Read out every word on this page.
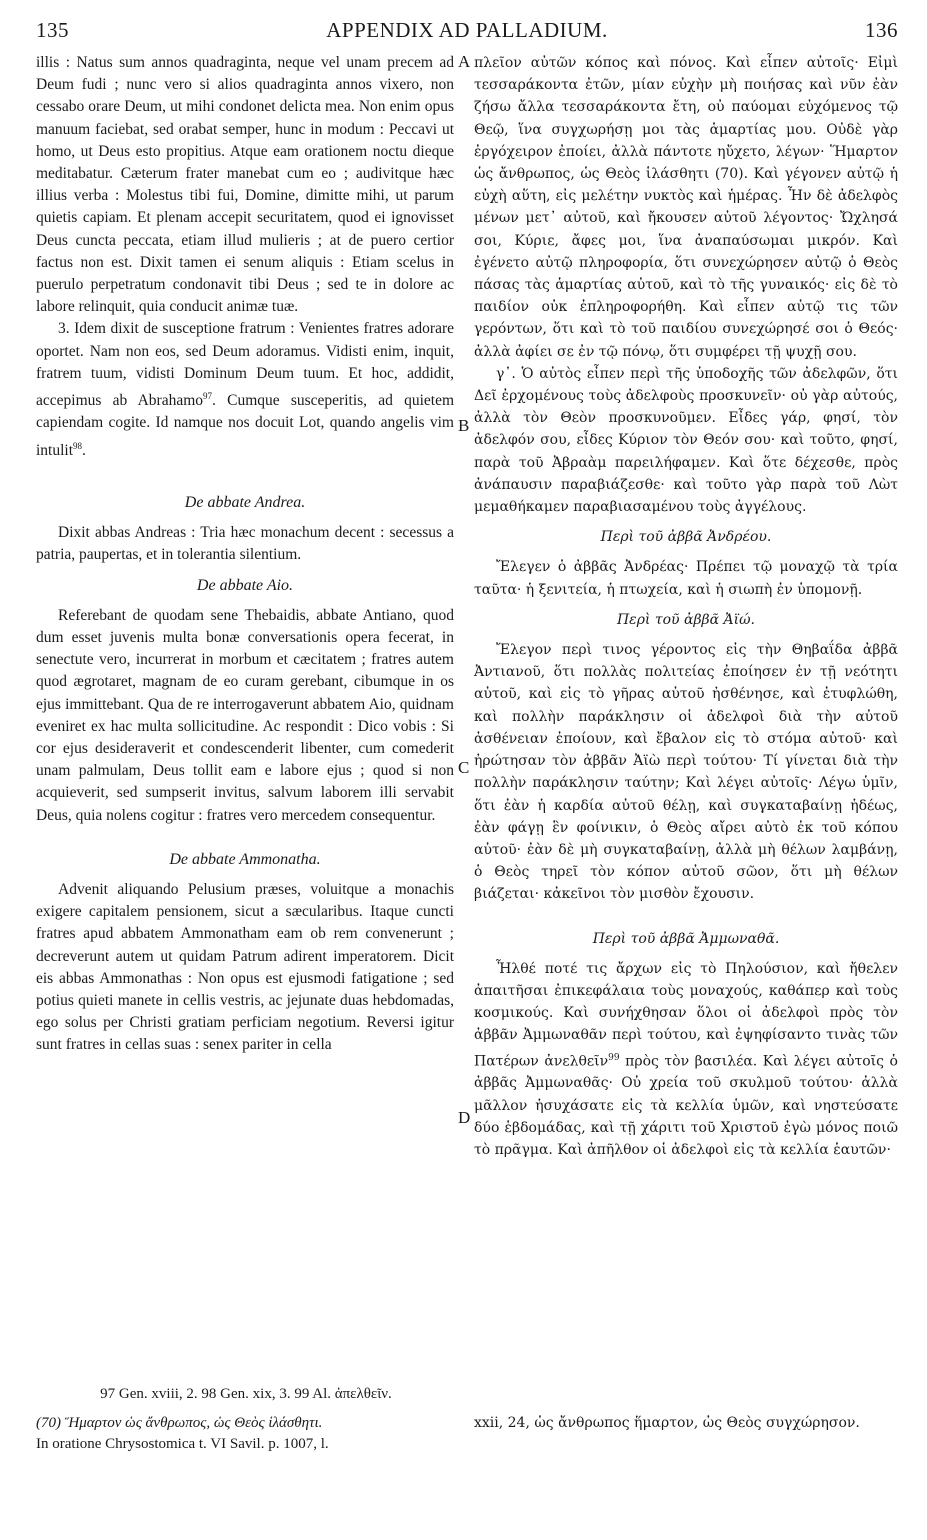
135	APPENDIX AD PALLADIUM.	136
A
B
C
D

illis : Natus sum annos quadraginta, neque vel unam precem ad Deum fudi ; nunc vero si alios quadraginta annos vixero, non cessabo orare Deum, ut mihi condonet delicta mea. Non enim opus manuum faciebat, sed orabat semper, hunc in modum : Peccavi ut homo, ut Deus esto propitius. Atque eam orationem noctu dieque meditabatur. Cæterum frater manebat cum eo ; audivitque hæc illius verba : Molestus tibi fui, Domine, dimitte mihi, ut parum quietis capiam. Et plenam accepit securitatem, quod ei ignovisset Deus cuncta peccata, etiam illud mulieris ; at de puero certior factus non est. Dixit tamen ei senum aliquis : Etiam scelus in puerulo perpetratum condonavit tibi Deus ; sed te in dolore ac labore relinquit, quia conducit animæ tuæ.

3. Idem dixit de susceptione fratrum : Venientes fratres adorare oportet. Nam non eos, sed Deum adoramus. Vidisti enim, inquit, fratrem tuum, vidisti Dominum Deum tuum. Et hoc, addidit, accepimus ab Abrahamo$^{97}$. Cumque susceperitis, ad quietem capiendam cogite. Id namque nos docuit Lot, quando angelis vim intulit$^{98}$.

De abbate Andrea.

Dixit abbas Andreas : Tria hæc monachum decent : secessus a patria, paupertas, et in tolerantia silentium.

De abbate Aio.

Referebant de quodam sene Thebaidis, abbate Antiano, quod dum esset juvenis multa bonæ conversationis opera fecerat, in senectute vero, incurrerat in morbum et cæcitatem ; fratres autem quod ægrotaret, magnam de eo curam gerebant, cibumque in os ejus immittebant. Qua de re interrogaverunt abbatem Aio, quidnam eveniret ex hac multa sollicitudine. Ac respondit : Dico vobis : Si cor ejus desideraverit et condescenderit libenter, cum comederit unam palmulam, Deus tollit eam e labore ejus ; quod si non acquieverit, sed sumpserit invitus, salvum laborem illi servabit Deus, quia nolens cogitur : fratres vero mercedem consequentur.

De abbate Ammonatha.

Advenit aliquando Pelusium præses, voluitque a monachis exigere capitalem pensionem, sicut a sæcularibus. Itaque cuncti fratres apud abbatem Ammonatham eam ob rem convenerunt ; decreverunt autem ut quidam Patrum adirent imperatorem. Dicit eis abbas Ammonathas : Non opus est ejusmodi fatigatione ; sed potius quieti manete in cellis vestris, ac jejunate duas hebdomadas, ego solus per Christi gratiam perficiam negotium. Reversi igitur sunt fratres in cellas suas : senex pariter in cella

πλεῖον αὐτῶν κόπος καὶ πόνος. Καὶ εἶπεν αὐτοῖς· Εἰμὶ τεσσαράκοντα ἐτῶν, μίαν εὐχὴν μὴ ποιήσας καὶ νῦν ἐὰν ζήσω ἄλλα τεσσαράκοντα ἔτη, οὐ παύομαι εὐχόμενος τῷ Θεῷ, ἵνα συγχωρήσῃ μοι τὰς ἁμαρτίας μου. Οὐδὲ γὰρ ἐργόχειρον ἐποίει, ἀλλὰ πάντοτε ηὔχετο, λέγων· Ἥμαρτον ὡς ἄνθρωπος, ὡς Θεὸς ἱλάσθητι (70). Καὶ γέγονεν αὐτῷ ἡ εὐχὴ αὕτη, εἰς μελέτην νυκτὸς καὶ ἡμέρας. Ἦν δὲ ἀδελφὸς μένων μετ᾽ αὐτοῦ, καὶ ἤκουσεν αὐτοῦ λέγοντος· Ὤχλησά σοι, Κύριε, ἄφες μοι, ἵνα ἀναπαύσωμαι μικρόν. Καὶ ἐγένετο αὐτῷ πληροφορία, ὅτι συνεχώρησεν αὐτῷ ὁ Θεὸς πάσας τὰς ἁμαρτίας αὐτοῦ, καὶ τὸ τῆς γυναικός· εἰς δὲ τὸ παιδίον οὐκ ἐπληροφορήθη. Καὶ εἶπεν αὐτῷ τις τῶν γερόντων, ὅτι καὶ τὸ τοῦ παιδίου συνεχώρησέ σοι ὁ Θεός· ἀλλὰ ἀφίει σε ἐν τῷ πόνῳ, ὅτι συμφέρει τῇ ψυχῇ σου.

γ᾽. Ὁ αὐτὸς εἶπεν περὶ τῆς ὑποδοχῆς τῶν ἀδελφῶν, ὅτι Δεῖ ἐρχομένους τοὺς ἀδελφοὺς προσκυνεῖν· οὐ γὰρ αὐτούς, ἀλλὰ τὸν Θεὸν προσκυνοῦμεν. Εἶδες γάρ, φησί, τὸν ἀδελφόν σου, εἶδες Κύριον τὸν Θεόν σου· καὶ τοῦτο, φησί, παρὰ τοῦ Ἀβραὰμ παρειλήφαμεν. Καὶ ὅτε δέχεσθε, πρὸς ἀνάπαυσιν παραβιάζεσθε· καὶ τοῦτο γὰρ παρὰ τοῦ Λὼτ μεμαθήκαμεν παραβιασαμένου τοὺς ἀγγέλους.

Περὶ τοῦ ἀββᾶ Ἀνδρέου.

Ἔλεγεν ὁ ἀββᾶς Ἀνδρέας· Πρέπει τῷ μοναχῷ τὰ τρία ταῦτα· ἡ ξενιτεία, ἡ πτωχεία, καὶ ἡ σιωπὴ ἐν ὑπομονῇ.

Περὶ τοῦ ἀββᾶ Ἀϊώ.

Ἔλεγον περὶ τινος γέροντος εἰς τὴν Θηβαΐδα ἀββᾶ Ἀντιανοῦ, ὅτι πολλὰς πολιτείας ἐποίησεν ἐν τῇ νεότητι αὐτοῦ, καὶ εἰς τὸ γῆρας αὐτοῦ ἠσθένησε, καὶ ἐτυφλώθη, καὶ πολλὴν παράκλησιν οἱ ἀδελφοὶ διὰ τὴν αὐτοῦ ἀσθένειαν ἐποίουν, καὶ ἔβαλον εἰς τὸ στόμα αὐτοῦ· καὶ ἠρώτησαν τὸν ἀββᾶν Ἀϊὼ περὶ τούτου· Τί γίνεται διὰ τὴν πολλὴν παράκλησιν ταύτην; Καὶ λέγει αὐτοῖς· Λέγω ὑμῖν, ὅτι ἐὰν ἡ καρδία αὐτοῦ θέλῃ, καὶ συγκαταβαίνῃ ἡδέως, ἐὰν φάγῃ ἓν φοίνικιν, ὁ Θεὸς αἴρει αὐτὸ ἐκ τοῦ κόπου αὐτοῦ· ἐὰν δὲ μὴ συγκαταβαίνῃ, ἀλλὰ μὴ θέλων λαμβάνῃ, ὁ Θεὸς τηρεῖ τὸν κόπον αὐτοῦ σῶον, ὅτι μὴ θέλων βιάζεται· κἀκεῖνοι τὸν μισθὸν ἔχουσιν.

Περὶ τοῦ ἀββᾶ Ἀμμωναθᾶ.

Ἦλθέ ποτέ τις ἄρχων εἰς τὸ Πηλούσιον, καὶ ἤθελεν ἀπαιτῆσαι ἐπικεφάλαια τοὺς μοναχούς, καθάπερ καὶ τοὺς κοσμικούς. Καὶ συνήχθησαν ὅλοι οἱ ἀδελφοὶ πρὸς τὸν ἀββᾶν Ἀμμωναθᾶν περὶ τούτου, καὶ ἐψηφίσαντο τινὰς τῶν Πατέρων ἀνελθεῖν$^{99}$ πρὸς τὸν βασιλέα. Καὶ λέγει αὐτοῖς ὁ ἀββᾶς Ἀμμωναθᾶς· Οὐ χρεία τοῦ σκυλμοῦ τούτου· ἀλλὰ μᾶλλον ἡσυχάσατε εἰς τὰ κελλία ὑμῶν, καὶ νηστεύσατε δύο ἑβδομάδας, καὶ τῇ χάριτι τοῦ Χριστοῦ ἐγὼ μόνος ποιῶ τὸ πρᾶγμα. Καὶ ἀπῆλθον οἱ ἀδελφοὶ εἰς τὰ κελλία ἑαυτῶν·

97 Gen. xviii, 2. 98 Gen. xix, 3. 99 Al. ἀπελθεῖν.

(70) Ἥμαρτον ὡς ἄνθρωπος, ὡς Θεὸς ἱλάσθητι.

In oratione Chrysostomica t. VI Savil. p. 1007, l.

xxii, 24, ὡς ἄνθρωπος ἥμαρτον, ὡς Θεὸς συγχώρησον.
